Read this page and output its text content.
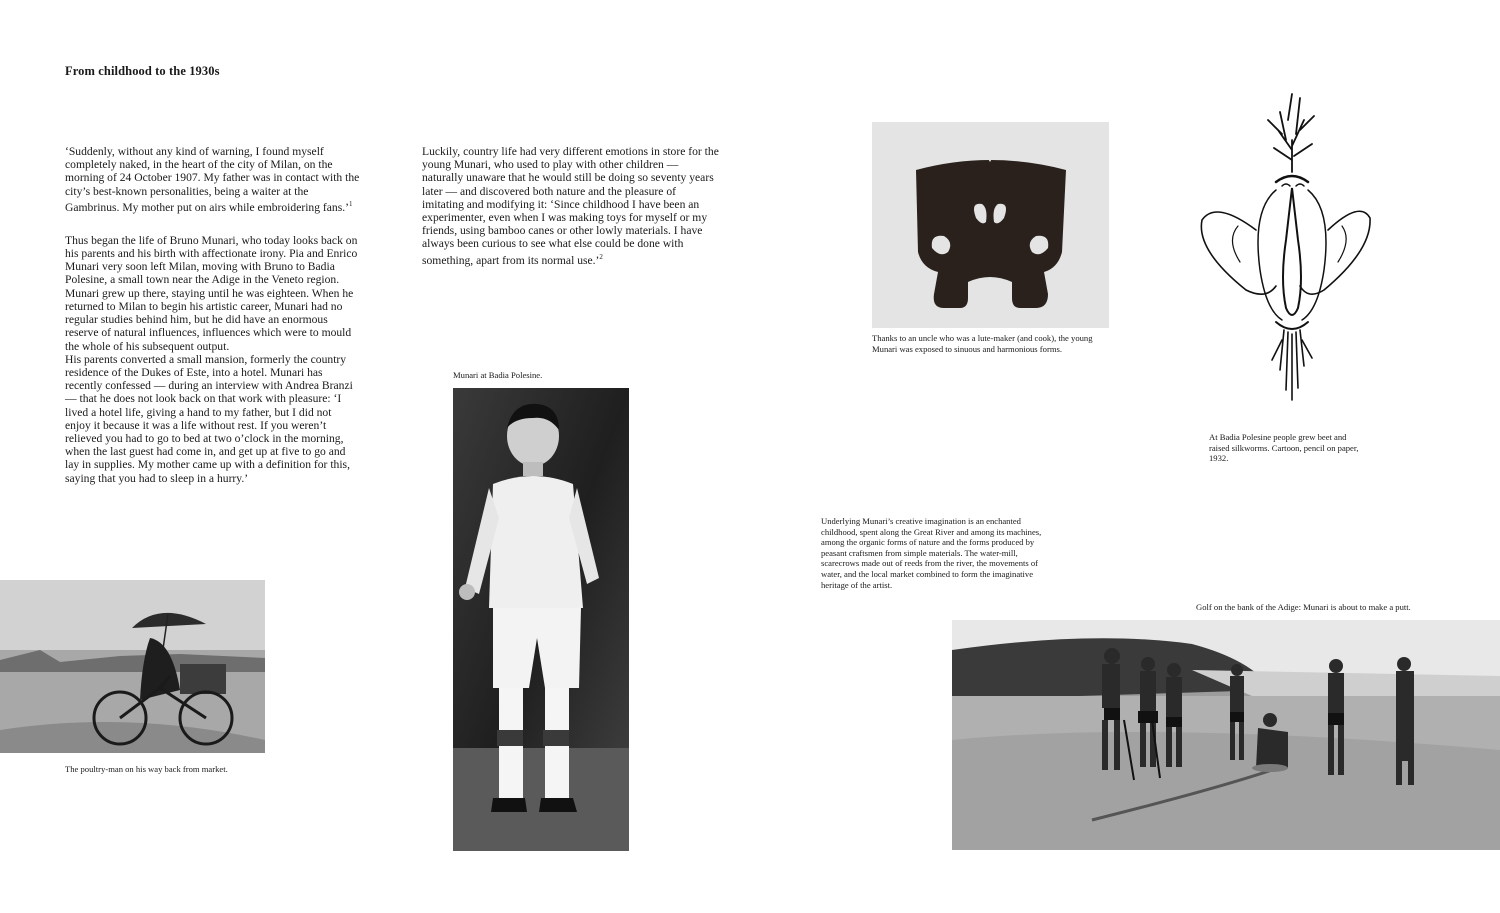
From childhood to the 1930s

‘Suddenly, without any kind of warning, I found myself completely naked, in the heart of the city of Milan, on the morning of 24 October 1907. My father was in contact with the city’s best-known personalities, being a waiter at the Gambrinus. My mother put on airs while embroidering fans.’$^1$

Thus began the life of Bruno Munari, who today looks back on his parents and his birth with affectionate irony. Pia and Enrico Munari very soon left Milan, moving with Bruno to Badia Polesine, a small town near the Adige in the Veneto region. Munari grew up there, staying until he was eighteen. When he returned to Milan to begin his artistic career, Munari had no regular studies behind him, but he did have an enormous reserve of natural influences, influences which were to mould the whole of his subsequent output.

His parents converted a small mansion, formerly the country residence of the Dukes of Este, into a hotel. Munari has recently confessed — during an interview with Andrea Branzi — that he does not look back on that work with pleasure: ‘I lived a hotel life, giving a hand to my father, but I did not enjoy it because it was a life without rest. If you weren’t relieved you had to go to bed at two o’clock in the morning, when the last guest had come in, and get up at five to go and lay in supplies. My mother came up with a definition for this, saying that you had to sleep in a hurry.’

Luckily, country life had very different emotions in store for the young Munari, who used to play with other children — naturally unaware that he would still be doing so seventy years later — and discovered both nature and the pleasure of imitating and modifying it: ‘Since childhood I have been an experimenter, even when I was making toys for myself or my friends, using bamboo canes or other lowly materials. I have always been curious to see what else could be done with something, apart from its normal use.’$^2$

Thanks to an uncle who was a lute-maker (and cook), the young Munari was exposed to sinuous and harmonious forms.
At Badia Polesine people grew beet and raised silkworms. Cartoon, pencil on paper, 1932.
Munari at Badia Polesine.
The poultry-man on his way back from market.
Underlying Munari’s creative imagination is an enchanted childhood, spent along the Great River and among its machines, among the organic forms of nature and the forms produced by peasant craftsmen from simple materials. The water-mill, scarecrows made out of reeds from the river, the movements of water, and the local market combined to form the imaginative heritage of the artist.
Golf on the bank of the Adige: Munari is about to make a putt.
